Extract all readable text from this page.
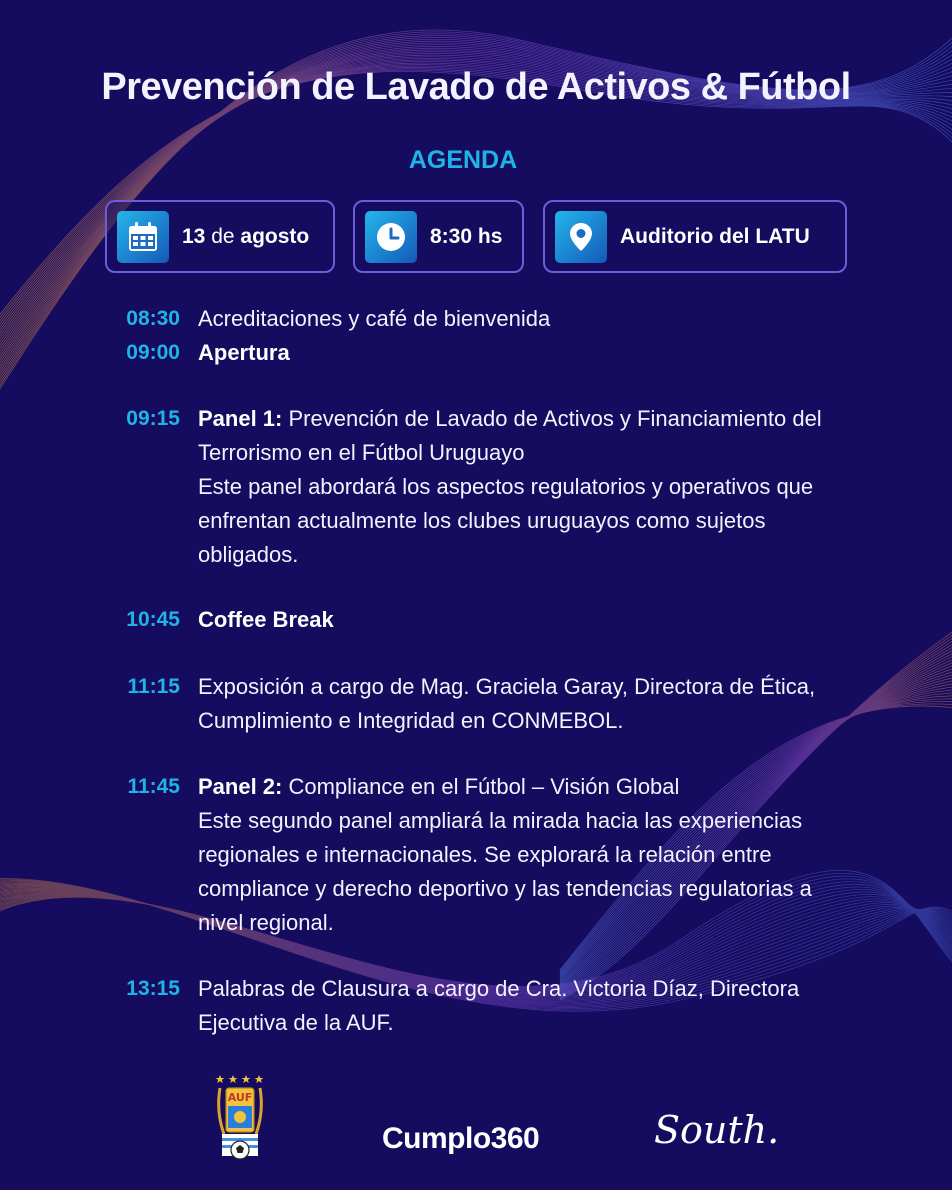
Prevención de Lavado de Activos & Fútbol
AGENDA
13 de agosto	8:30 hs	Auditorio del LATU
08:30 Acreditaciones y café de bienvenida
09:00 Apertura
09:15 Panel 1: Prevención de Lavado de Activos y Financiamiento del Terrorismo en el Fútbol Uruguayo
Este panel abordará los aspectos regulatorios y operativos que enfrentan actualmente los clubes uruguayos como sujetos obligados.
10:45 Coffee Break
11:15 Exposición a cargo de Mag. Graciela Garay, Directora de Ética, Cumplimiento e Integridad en CONMEBOL.
11:45 Panel 2: Compliance en el Fútbol – Visión Global
Este segundo panel ampliará la mirada hacia las experiencias regionales e internacionales. Se explorará la relación entre compliance y derecho deportivo y las tendencias regulatorias a nivel regional.
13:15 Palabras de Clausura a cargo de Cra. Victoria Díaz, Directora Ejecutiva de la AUF.
AUF
Cumplo360	South.
